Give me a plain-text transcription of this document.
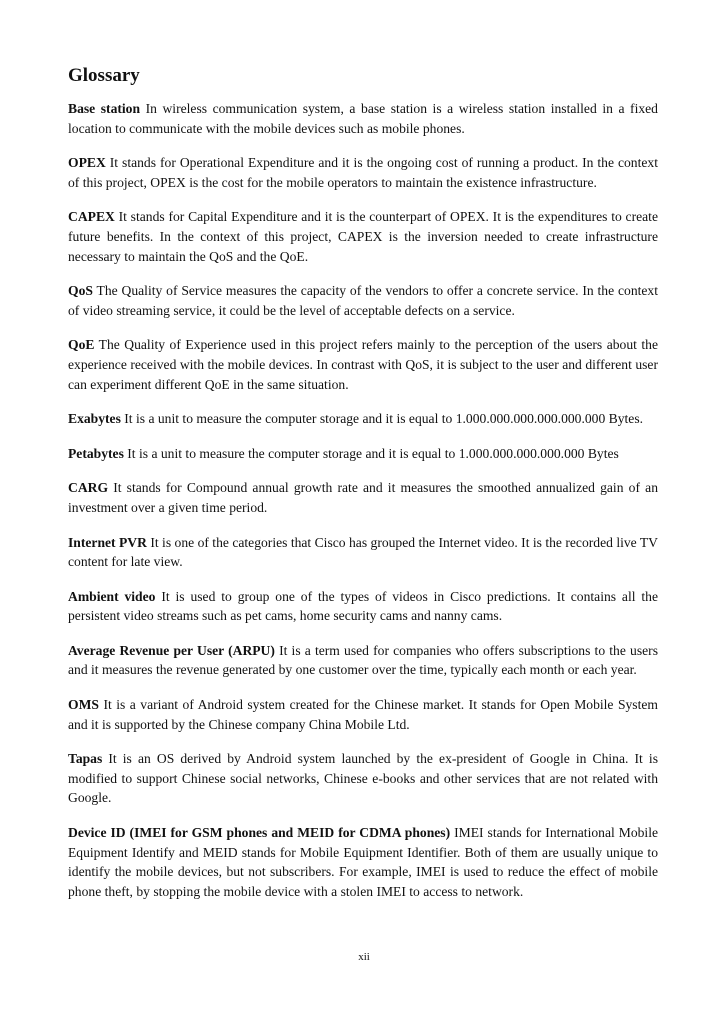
Glossary

Base station In wireless communication system, a base station is a wireless station installed in a fixed location to communicate with the mobile devices such as mobile phones.

OPEX It stands for Operational Expenditure and it is the ongoing cost of running a product. In the context of this project, OPEX is the cost for the mobile operators to maintain the existence infrastructure.

CAPEX It stands for Capital Expenditure and it is the counterpart of OPEX. It is the expenditures to create future benefits. In the context of this project, CAPEX is the inversion needed to create infrastructure necessary to maintain the QoS and the QoE.

QoS The Quality of Service measures the capacity of the vendors to offer a concrete service. In the context of video streaming service, it could be the level of acceptable defects on a service.

QoE The Quality of Experience used in this project refers mainly to the perception of the users about the experience received with the mobile devices. In contrast with QoS, it is subject to the user and different user can experiment different QoE in the same situation.

Exabytes It is a unit to measure the computer storage and it is equal to 1.000.000.000.000.000.000 Bytes.

Petabytes It is a unit to measure the computer storage and it is equal to 1.000.000.000.000.000 Bytes

CARG It stands for Compound annual growth rate and it measures the smoothed annualized gain of an investment over a given time period.

Internet PVR It is one of the categories that Cisco has grouped the Internet video. It is the recorded live TV content for late view.

Ambient video It is used to group one of the types of videos in Cisco predictions. It contains all the persistent video streams such as pet cams, home security cams and nanny cams.

Average Revenue per User (ARPU) It is a term used for companies who offers subscriptions to the users and it measures the revenue generated by one customer over the time, typically each month or each year.

OMS It is a variant of Android system created for the Chinese market. It stands for Open Mobile System and it is supported by the Chinese company China Mobile Ltd.

Tapas It is an OS derived by Android system launched by the ex-president of Google in China. It is modified to support Chinese social networks, Chinese e-books and other services that are not related with Google.

Device ID (IMEI for GSM phones and MEID for CDMA phones) IMEI stands for International Mobile Equipment Identify and MEID stands for Mobile Equipment Identifier. Both of them are usually unique to identify the mobile devices, but not subscribers. For example, IMEI is used to reduce the effect of mobile phone theft, by stopping the mobile device with a stolen IMEI to access to network.

xii
